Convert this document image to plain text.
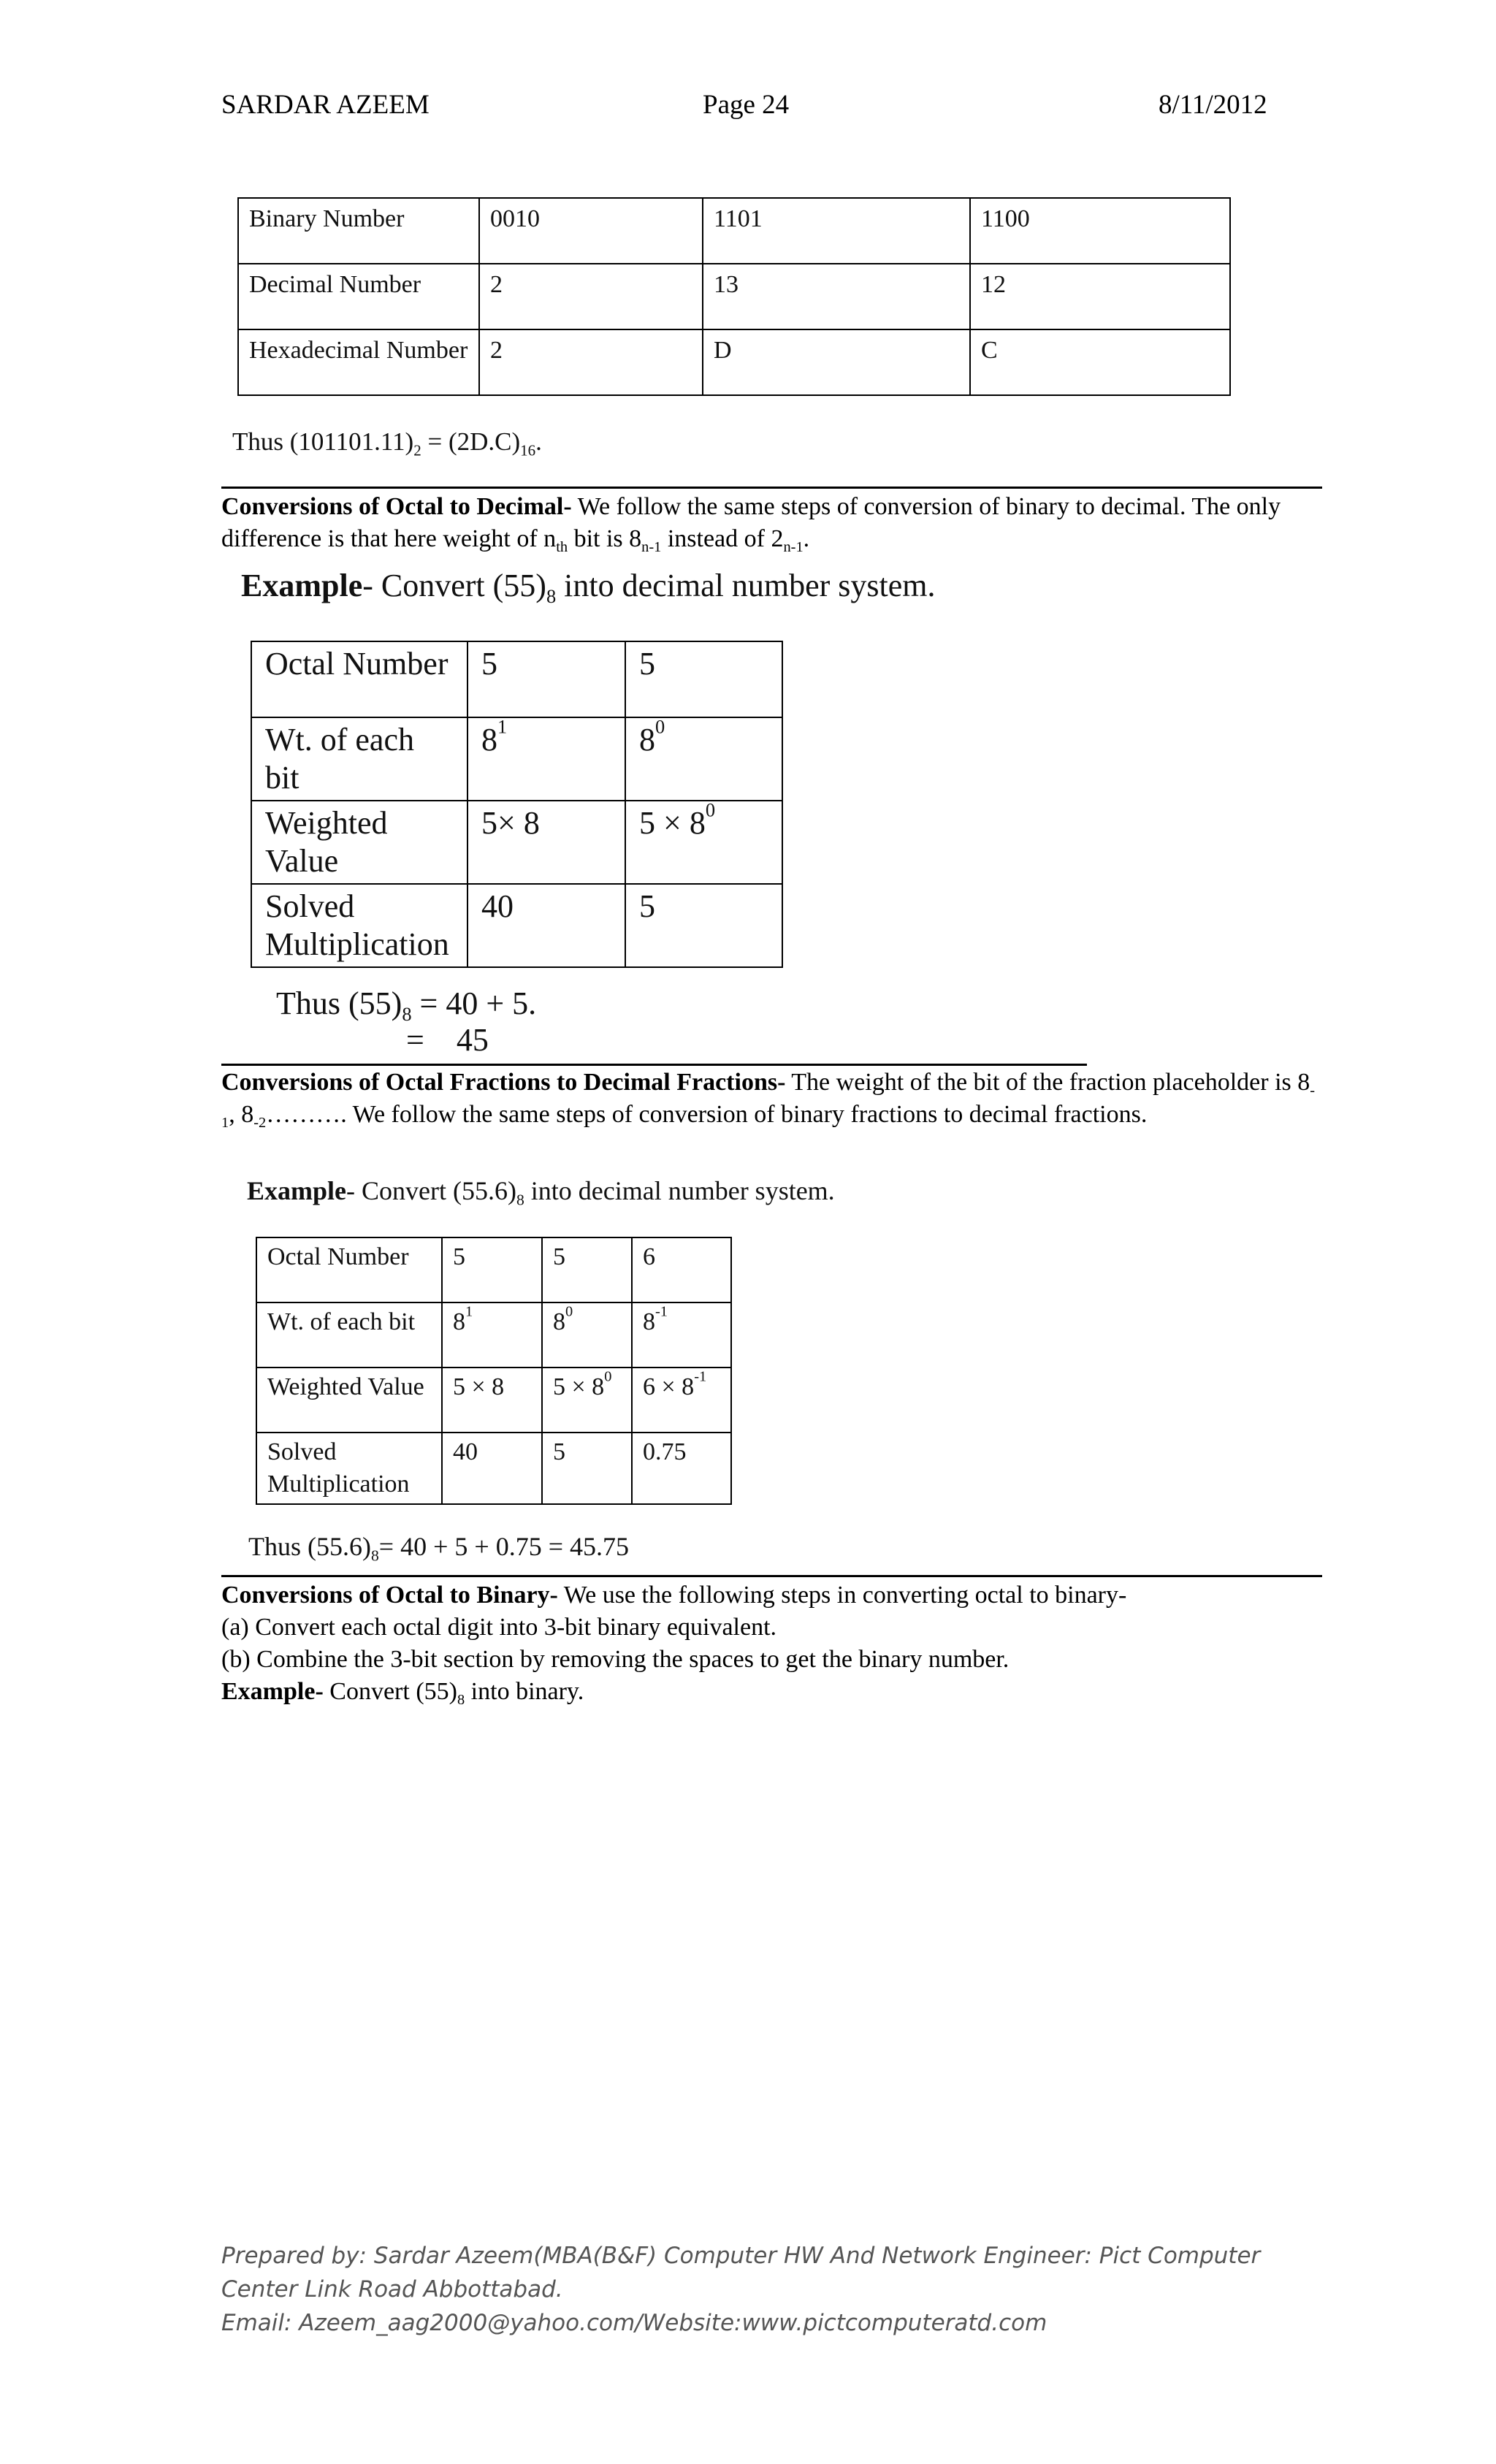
SARDAR AZEEM	Page 24	8/11/2012
Binary Number	0010	1101	1100
Decimal Number	2	13	12
Hexadecimal Number	2	D	C
Thus $(101101.11)_2 = (2D.C)_{16}$.
Conversions of Octal to Decimal- We follow the same steps of conversion of binary to decimal. The only difference is that here weight of $n_{th}$ bit is $8_{n-1}$ instead of $2_{n-1}$.
Example- Convert $(55)_8$ into decimal number system.
Octal Number	5	5
Wt. of each bit	$8^1$	$8^0$
Weighted Value	5× 8	$5 \times 8^0$
Solved Multiplication	40	5
Thus $(55)_8 = 40 + 5$.
=    45
Conversions of Octal Fractions to Decimal Fractions- The weight of the bit of the fraction placeholder is $8_{-1}$, $8_{-2}\dots\dots\dots$. We follow the same steps of conversion of binary fractions to decimal fractions.
Example- Convert $(55.6)_8$ into decimal number system.
Octal Number	5	5	6
Wt. of each bit	$8^1$	$8^0$	$8^{-1}$
Weighted Value	5 × 8	$5 \times 8^0$	$6 \times 8^{-1}$
Solved Multiplication	40	5	0.75
Thus $(55.6)_8= 40 + 5 + 0.75 = 45.75$
Conversions of Octal to Binary- We use the following steps in converting octal to binary-
(a) Convert each octal digit into 3-bit binary equivalent.
(b) Combine the 3-bit section by removing the spaces to get the binary number.
Example- Convert $(55)_8$ into binary.
Prepared by: Sardar Azeem(MBA(B&F) Computer HW And Network Engineer: Pict Computer
Center Link Road Abbottabad.
Email: Azeem_aag2000@yahoo.com/Website:www.pictcomputeratd.com
